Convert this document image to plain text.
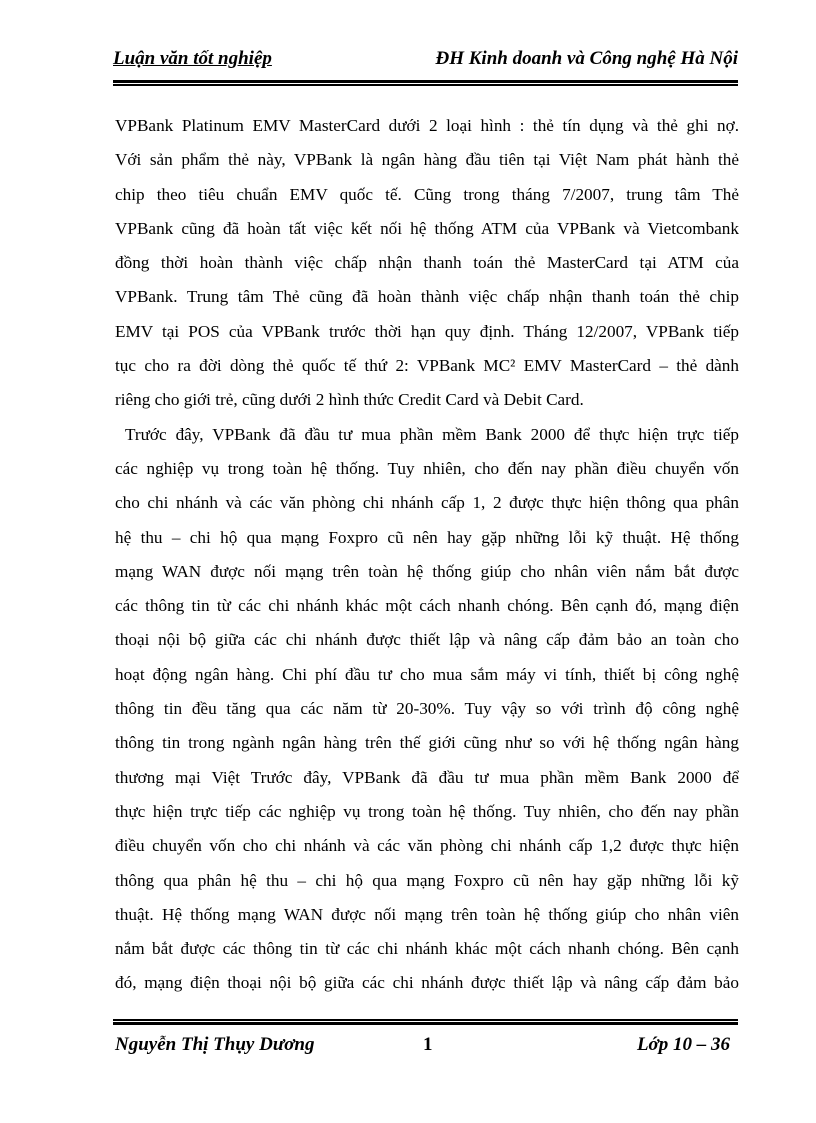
Luận văn tốt nghiệp	ĐH Kinh doanh và Công nghệ Hà Nội
VPBank Platinum EMV MasterCard dưới 2 loại hình : thẻ tín dụng và thẻ ghi nợ.
Với sản phẩm thẻ này, VPBank là ngân hàng đầu tiên tại Việt Nam phát hành thẻ
chip theo tiêu chuẩn EMV quốc tế. Cũng trong tháng 7/2007, trung tâm Thẻ
VPBank cũng đã hoàn tất việc kết nối hệ thống ATM của VPBank và Vietcombank
đồng thời hoàn thành việc chấp nhận thanh toán thẻ MasterCard tại ATM của
VPBank. Trung tâm Thẻ cũng đã hoàn thành việc chấp nhận thanh toán thẻ chip
EMV tại POS của VPBank trước thời hạn quy định. Tháng 12/2007, VPBank tiếp
tục cho ra đời dòng thẻ quốc tế thứ 2: VPBank MC² EMV MasterCard – thẻ dành
riêng cho giới trẻ, cũng dưới 2 hình thức Credit Card và Debit Card.
Trước đây, VPBank đã đầu tư mua phần mềm Bank 2000 để thực hiện trực tiếp
các nghiệp vụ trong toàn hệ thống. Tuy nhiên, cho đến nay phần điều chuyển vốn
cho chi nhánh và các văn phòng chi nhánh cấp 1, 2 được thực hiện thông qua phân
hệ thu – chi hộ qua mạng Foxpro cũ nên hay gặp những lỗi kỹ thuật. Hệ thống
mạng WAN được nối mạng trên toàn hệ thống giúp cho nhân viên nắm bắt được
các thông tin từ các chi nhánh khác một cách nhanh chóng. Bên cạnh đó, mạng điện
thoại nội bộ giữa các chi nhánh được thiết lập và nâng cấp đảm bảo an toàn cho
hoạt động ngân hàng. Chi phí đầu tư cho mua sắm máy vi tính, thiết bị công nghệ
thông tin đều tăng qua các năm từ 20-30%. Tuy vậy so với trình độ công nghệ
thông tin trong ngành ngân hàng trên thế giới cũng như so với hệ thống ngân hàng
thương mại Việt Trước đây, VPBank đã đầu tư mua phần mềm Bank 2000 để
thực hiện trực tiếp các nghiệp vụ trong toàn hệ thống. Tuy nhiên, cho đến nay phần
điều chuyển vốn cho chi nhánh và các văn phòng chi nhánh cấp 1,2 được thực hiện
thông qua phân hệ thu – chi hộ qua mạng Foxpro cũ nên hay gặp những lỗi kỹ
thuật. Hệ thống mạng WAN được nối mạng trên toàn hệ thống giúp cho nhân viên
nắm bắt được các thông tin từ các chi nhánh khác một cách nhanh chóng. Bên cạnh
đó, mạng điện thoại nội bộ giữa các chi nhánh được thiết lập và nâng cấp đảm bảo
Nguyễn Thị Thụy Dương	1	Lớp 10 – 36
